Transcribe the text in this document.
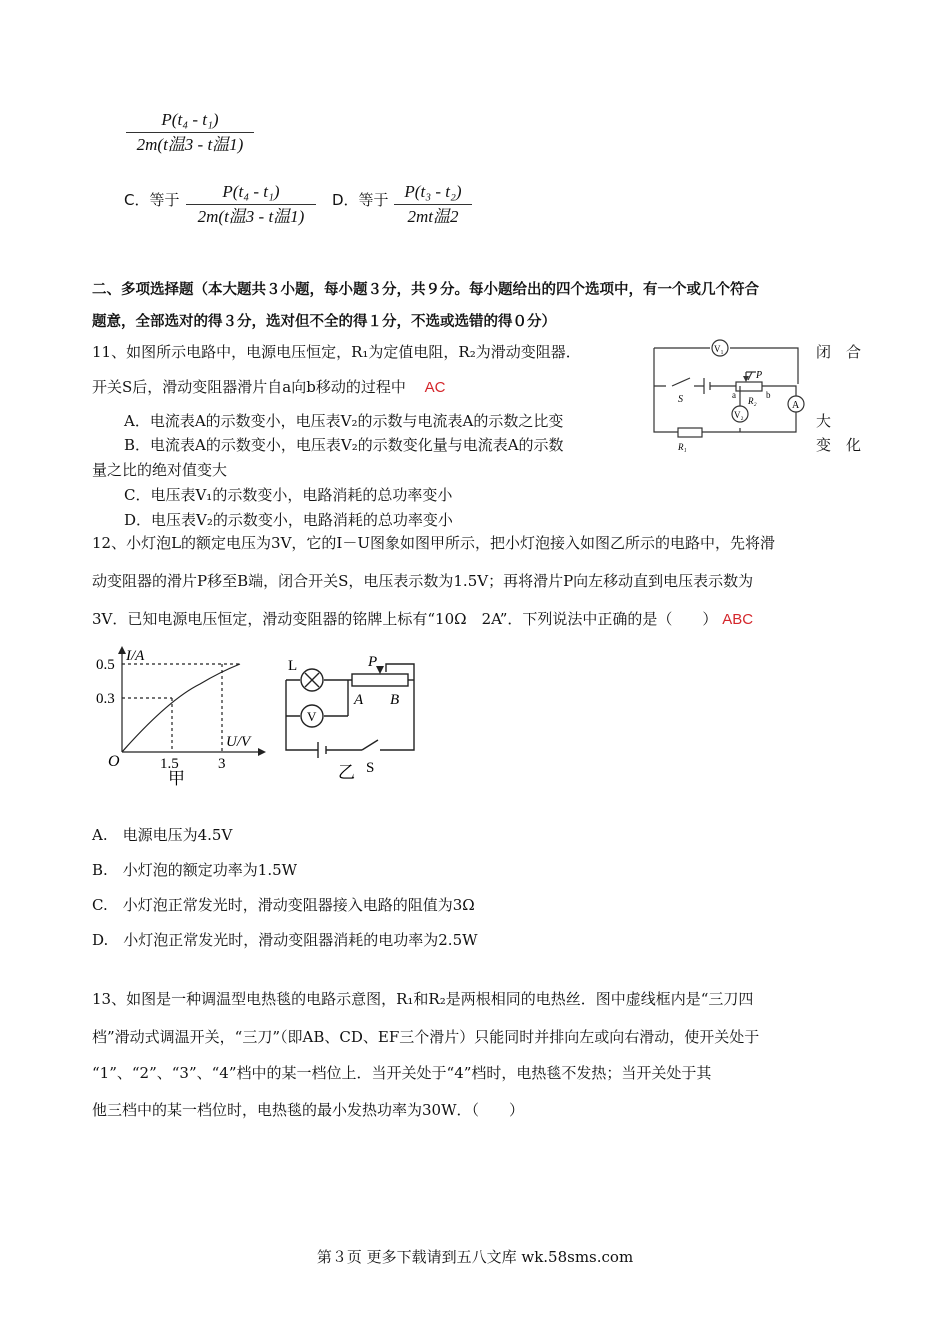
P(t₄ - t₁)
2m(t温3 - t温1)
C．等于	P(t₄ - t₁)
2m(t温3 - t温1)
D．等于 P(t₃ - t₂)
2mt温2
二、多项选择题（本大题共３小题，每小题３分，共９分。每小题给出的四个选项中，有一个或几个符合
题意，全部选对的得３分，选对但不全的得１分，不选或选错的得０分）
11、如图所示电路中，电源电压恒定，R₁为定值电阻，R₂为滑动变阻器．	闭　合
开关S后，滑动变阻器滑片自a向b移动的过程中 AC
A．电流表A的示数变小，电压表V₂的示数与电流表A的示数之比变	大
B．电流表A的示数变小，电压表V₂的示数变化量与电流表A的示数	变　化
量之比的绝对值变大
C．电压表V₁的示数变小，电路消耗的总功率变小
D．电压表V₂的示数变小，电路消耗的总功率变小
V₁
V₂
A
S
P
R₂
R₁
a	b
12、小灯泡L的额定电压为3V，它的I－U图象如图甲所示，把小灯泡接入如图乙所示的电路中，先将滑
动变阻器的滑片P移至B端，闭合开关S，电压表示数为1.5V；再将滑片P向左移动直到电压表示数为
3V．已知电源电压恒定，滑动变阻器的铭牌上标有“10Ω　2A”．下列说法中正确的是（　　） ABC
I/A
U/V
0.5
0.3
1.5	3
O
甲
L
V
P
A B
S
乙
A.　电源电压为4.5V
B.　小灯泡的额定功率为1.5W
C.　小灯泡正常发光时，滑动变阻器接入电路的阻值为3Ω
D.　小灯泡正常发光时，滑动变阻器消耗的电功率为2.5W
13、如图是一种调温型电热毯的电路示意图，R₁和R₂是两根相同的电热丝．图中虚线框内是“三刀四
档”滑动式调温开关，“三刀”（即AB、CD、EF三个滑片）只能同时并排向左或向右滑动，使开关处于
“1”、“2”、“3”、“4”档中的某一档位上．当开关处于“4”档时，电热毯不发热；当开关处于其
他三档中的某一档位时，电热毯的最小发热功率为30W．（　　）
第３页 更多下载请到五八文库 wk.58sms.com
